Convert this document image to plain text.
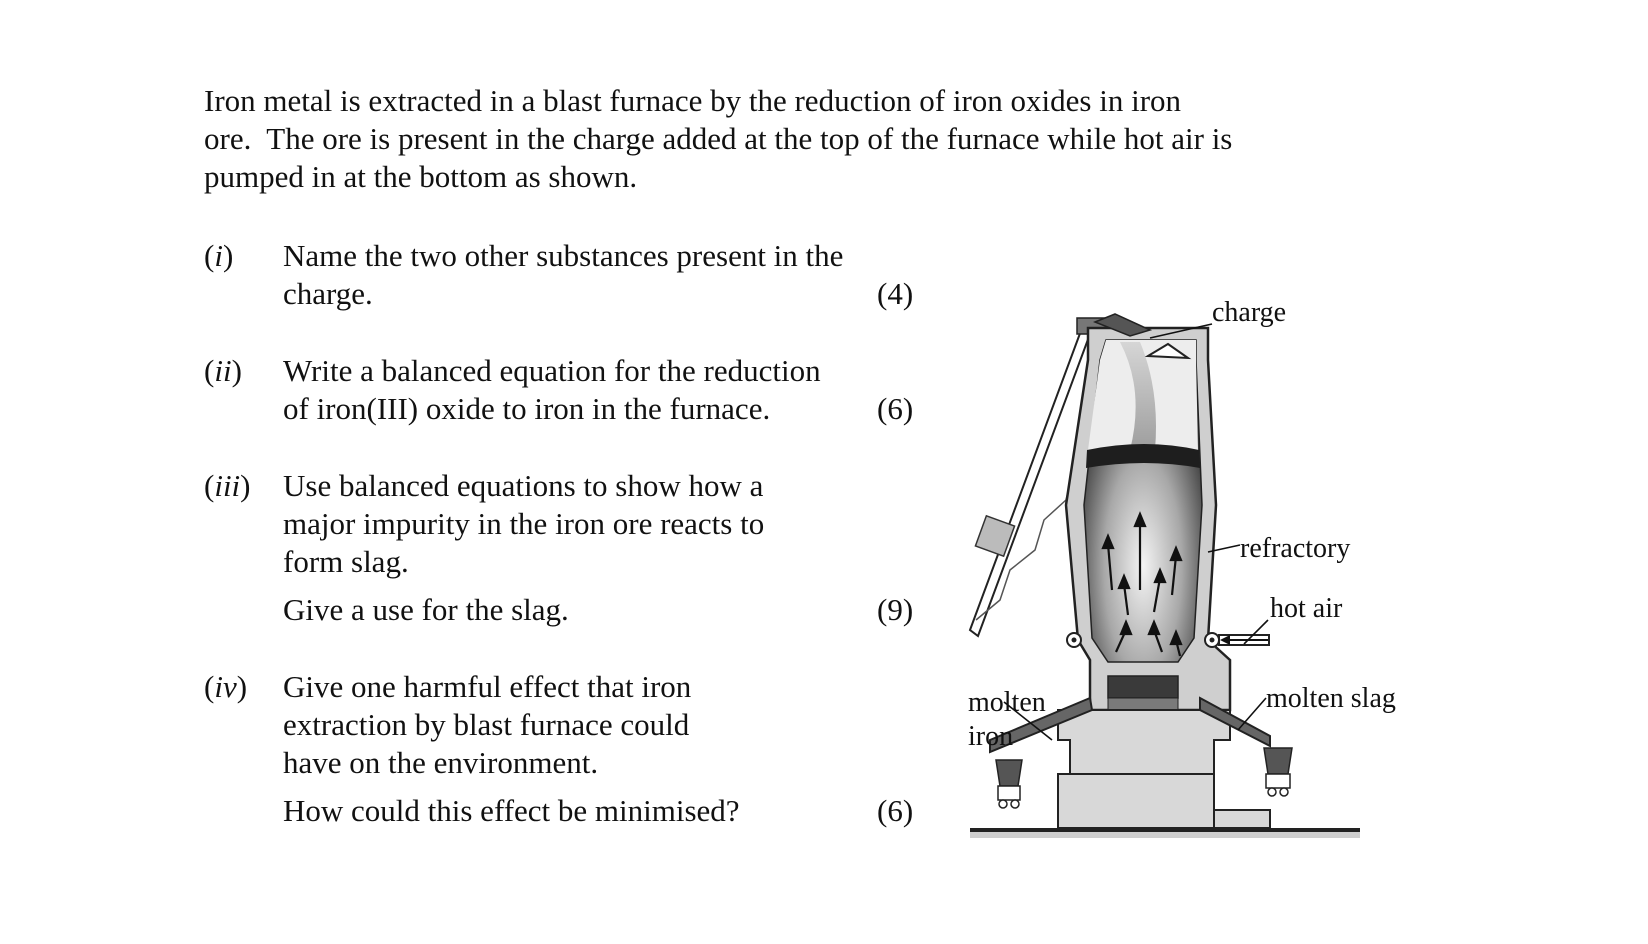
Iron metal is extracted in a blast furnace by the reduction of iron oxides in iron
ore.  The ore is present in the charge added at the top of the furnace while hot air is
pumped in at the bottom as shown.
(i) Name the two other substances present in the
charge.	(4)
(ii) Write a balanced equation for the reduction
of iron(III) oxide to iron in the furnace.	(6)
(iii) Use balanced equations to show how a
major impurity in the iron ore reacts to
form slag.
Give a use for the slag.	(9)
(iv) Give one harmful effect that iron
extraction by blast furnace could
have on the environment.
How could this effect be minimised?	(6)
charge
refractory
hot air
molten
iron
molten slag
